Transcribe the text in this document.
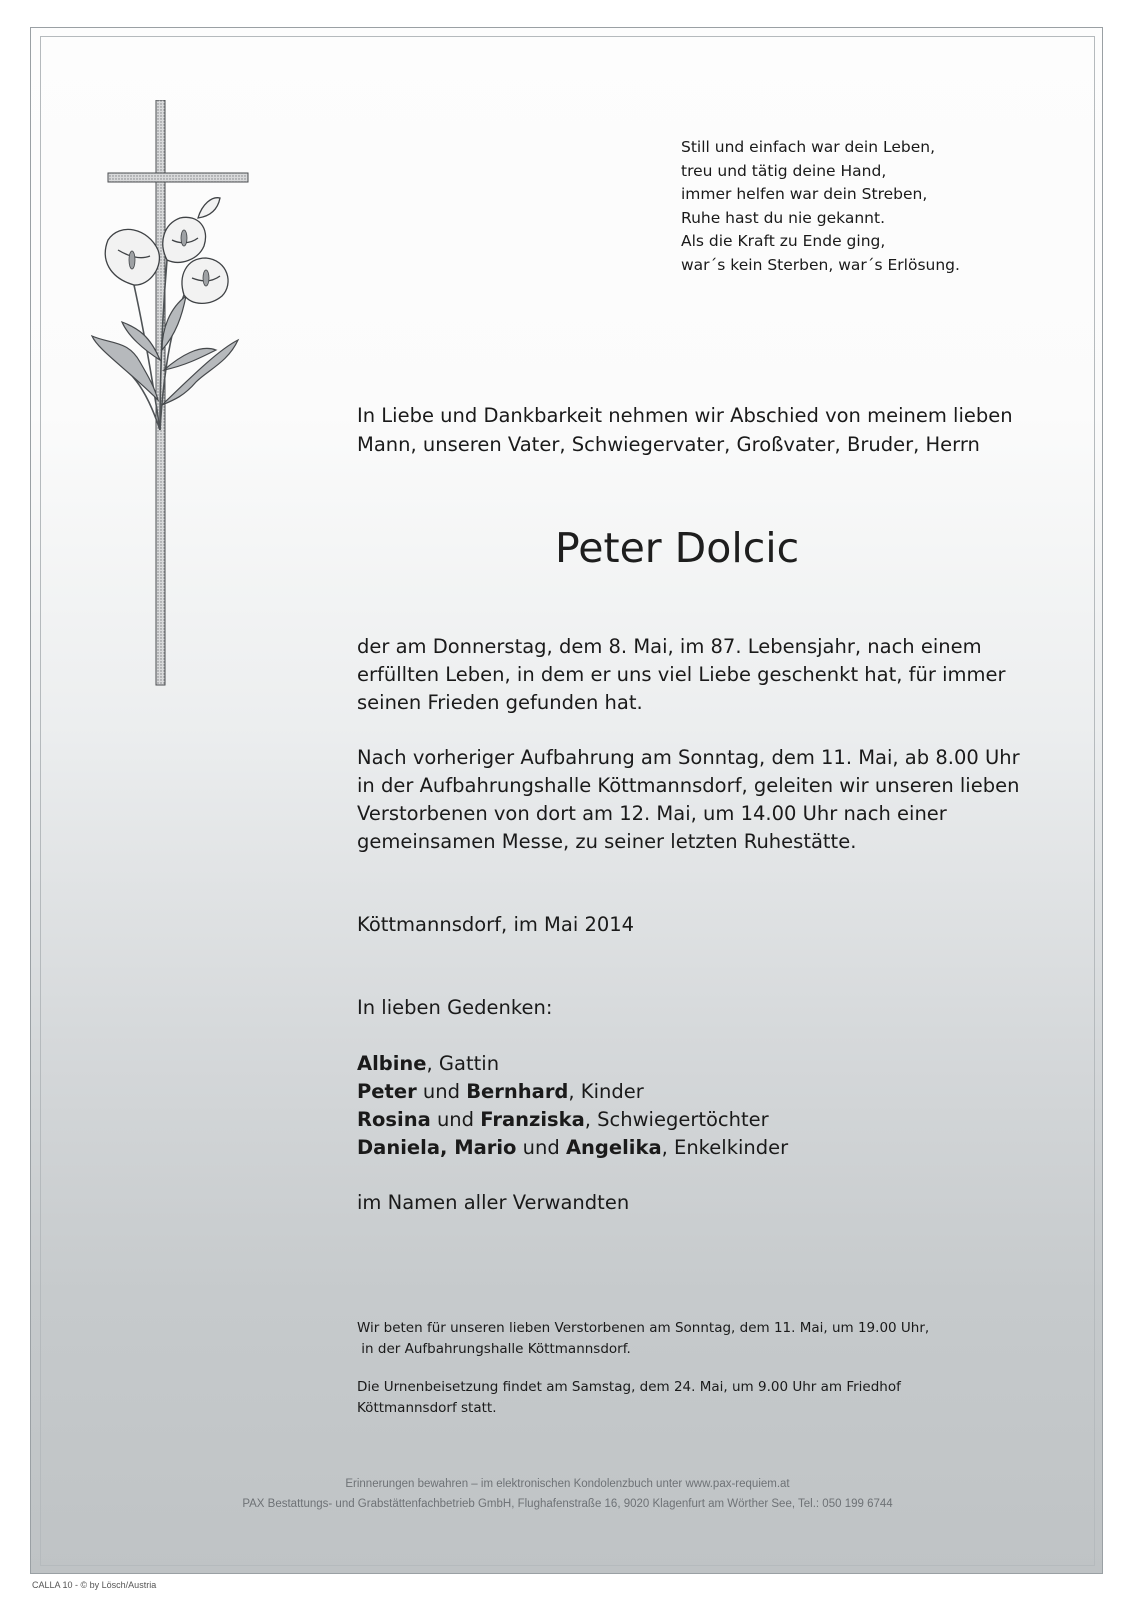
Still und einfach war dein Leben,
treu und tätig deine Hand,
immer helfen war dein Streben,
Ruhe hast du nie gekannt.
Als die Kraft zu Ende ging,
war´s kein Sterben, war´s Erlösung.
In Liebe und Dankbarkeit nehmen wir Abschied von meinem lieben
Mann, unseren Vater, Schwiegervater, Großvater, Bruder, Herrn
Peter Dolcic
der am Donnerstag, dem 8. Mai, im 87. Lebensjahr, nach einem
erfüllten Leben, in dem er uns viel Liebe geschenkt hat, für immer
seinen Frieden gefunden hat.
Nach vorheriger Aufbahrung am Sonntag, dem 11. Mai, ab 8.00 Uhr
in der Aufbahrungshalle Köttmannsdorf, geleiten wir unseren lieben
Verstorbenen von dort am 12. Mai, um 14.00 Uhr nach einer
gemeinsamen Messe, zu seiner letzten Ruhestätte.
Köttmannsdorf, im Mai 2014
In lieben Gedenken:
Albine, Gattin
Peter und Bernhard, Kinder
Rosina und Franziska, Schwiegertöchter
Daniela, Mario und Angelika, Enkelkinder
im Namen aller Verwandten
Wir beten für unseren lieben Verstorbenen am Sonntag, dem 11. Mai, um 19.00 Uhr,
in der Aufbahrungshalle Köttmannsdorf.
Die Urnenbeisetzung findet am Samstag, dem 24. Mai, um 9.00 Uhr am Friedhof
Köttmannsdorf statt.
Erinnerungen bewahren – im elektronischen Kondolenzbuch unter www.pax-requiem.at
PAX Bestattungs- und Grabstättenfachbetrieb GmbH, Flughafenstraße 16, 9020 Klagenfurt am Wörther See, Tel.: 050 199 6744
CALLA 10 - © by Lösch/Austria
